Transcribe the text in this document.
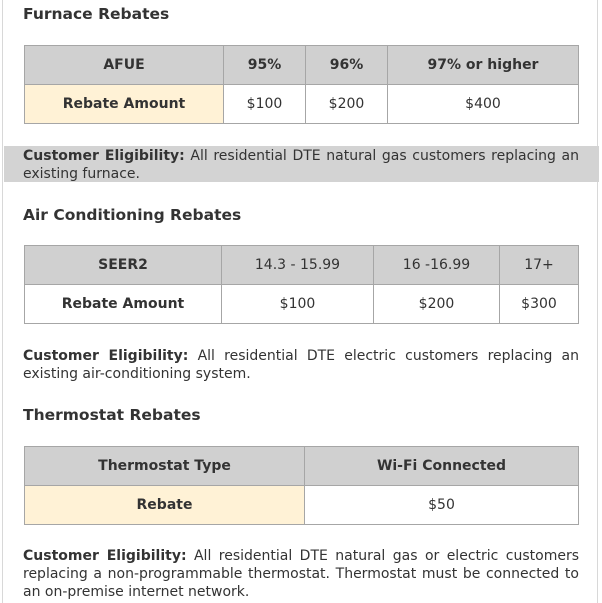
Furnace Rebates
AFUE	95%	96%	97% or higher
Rebate Amount	$100	$200	$400

Customer Eligibility: All residential DTE natural gas customers replacing an existing furnace.

Air Conditioning Rebates
SEER2	14.3 - 15.99	16 -16.99	17+
Rebate Amount	$100	$200	$300

Customer Eligibility: All residential DTE electric customers replacing an existing air-conditioning system.

Thermostat Rebates
Thermostat Type	Wi-Fi Connected
Rebate	$50

Customer Eligibility: All residential DTE natural gas or electric customers replacing a non-programmable thermostat. Thermostat must be connected to an on-premise internet network.
